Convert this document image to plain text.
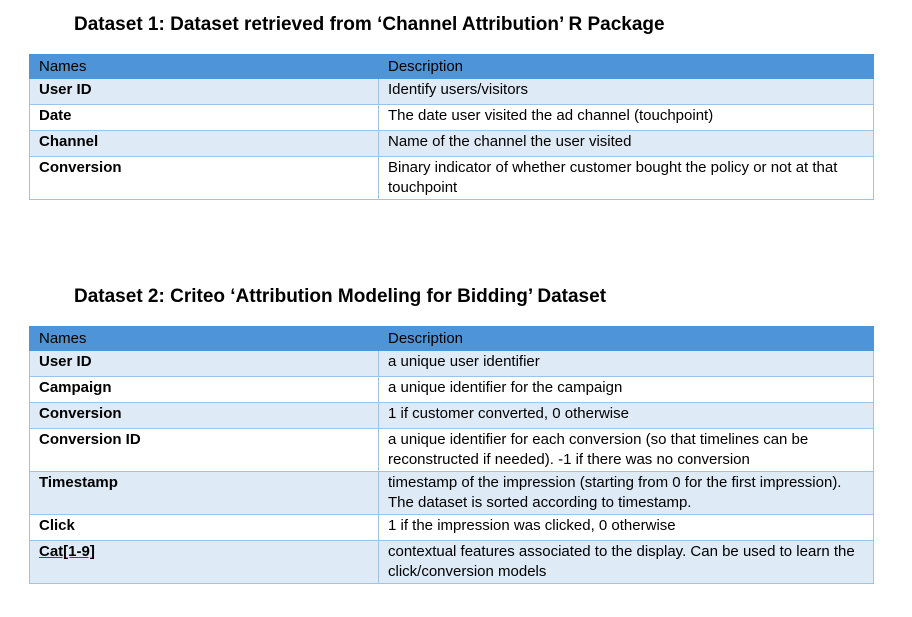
Dataset 1: Dataset retrieved from ‘Channel Attribution’ R Package
Names	Description
User ID	Identify users/visitors
Date	The date user visited the ad channel (touchpoint)
Channel	Name of the channel the user visited
Conversion	Binary indicator of whether customer bought the policy or not at that touchpoint
Dataset 2: Criteo ‘Attribution Modeling for Bidding’ Dataset
Names	Description
User ID	a unique user identifier
Campaign	a unique identifier for the campaign
Conversion	1 if customer converted, 0 otherwise
Conversion ID	a unique identifier for each conversion (so that timelines can be reconstructed if needed). -1 if there was no conversion
Timestamp	timestamp of the impression (starting from 0 for the first impression). The dataset is sorted according to timestamp.
Click	1 if the impression was clicked, 0 otherwise
Cat[1-9]	contextual features associated to the display. Can be used to learn the click/conversion models
